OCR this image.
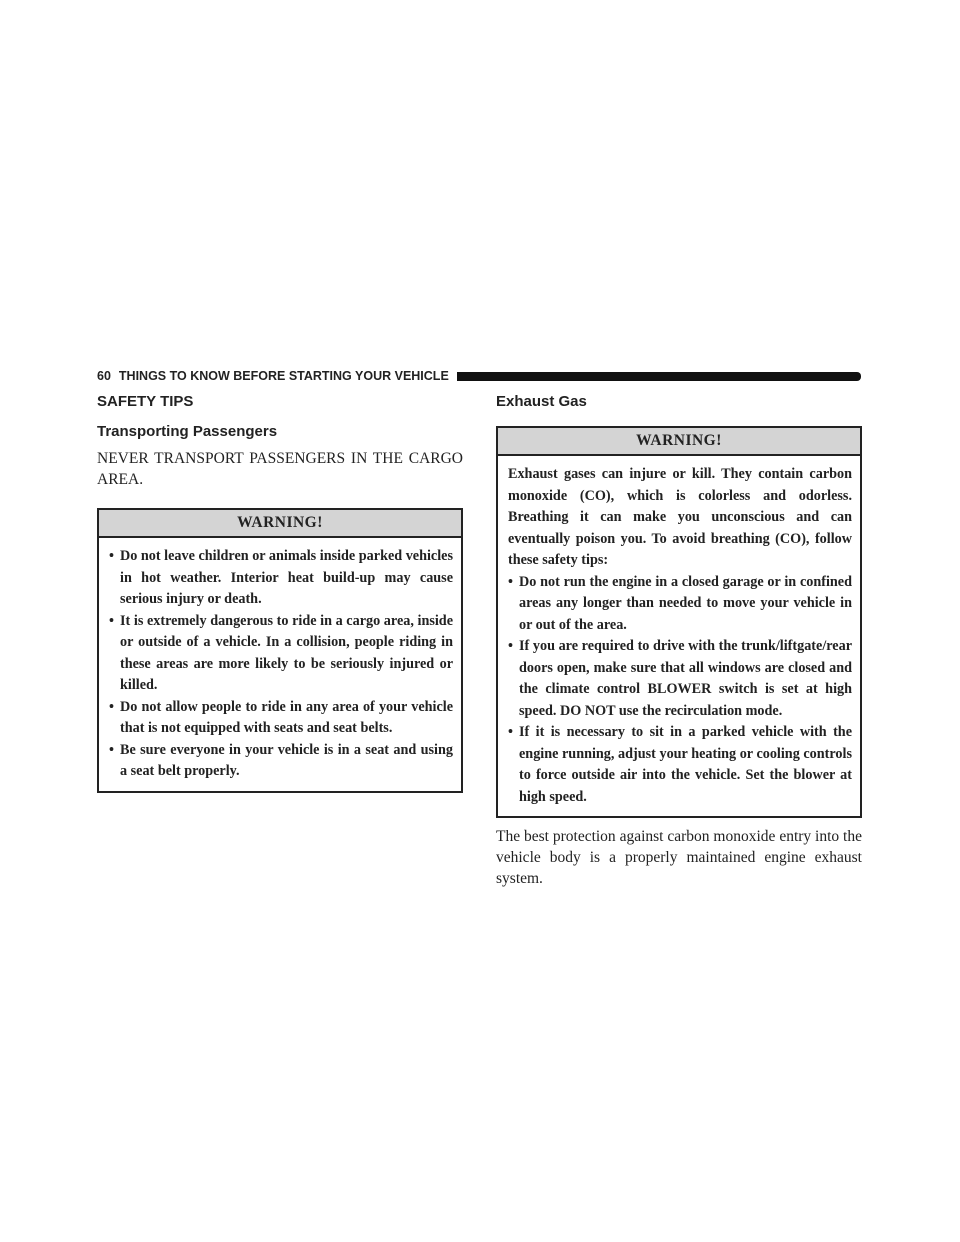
60 THINGS TO KNOW BEFORE STARTING YOUR VEHICLE
SAFETY TIPS
Transporting Passengers

NEVER TRANSPORT PASSENGERS IN THE CARGO AREA.

WARNING!
• Do not leave children or animals inside parked vehicles in hot weather. Interior heat build-up may cause serious injury or death.
• It is extremely dangerous to ride in a cargo area, inside or outside of a vehicle. In a collision, people riding in these areas are more likely to be seriously injured or killed.
• Do not allow people to ride in any area of your vehicle that is not equipped with seats and seat belts.
• Be sure everyone in your vehicle is in a seat and using a seat belt properly.
Exhaust Gas
WARNING!

Exhaust gases can injure or kill. They contain carbon monoxide (CO), which is colorless and odorless. Breathing it can make you unconscious and can eventually poison you. To avoid breathing (CO), follow these safety tips:

• Do not run the engine in a closed garage or in confined areas any longer than needed to move your vehicle in or out of the area.
• If you are required to drive with the trunk/liftgate/rear doors open, make sure that all windows are closed and the climate control BLOWER switch is set at high speed. DO NOT use the recirculation mode.
• If it is necessary to sit in a parked vehicle with the engine running, adjust your heating or cooling controls to force outside air into the vehicle. Set the blower at high speed.

The best protection against carbon monoxide entry into the vehicle body is a properly maintained engine exhaust system.
